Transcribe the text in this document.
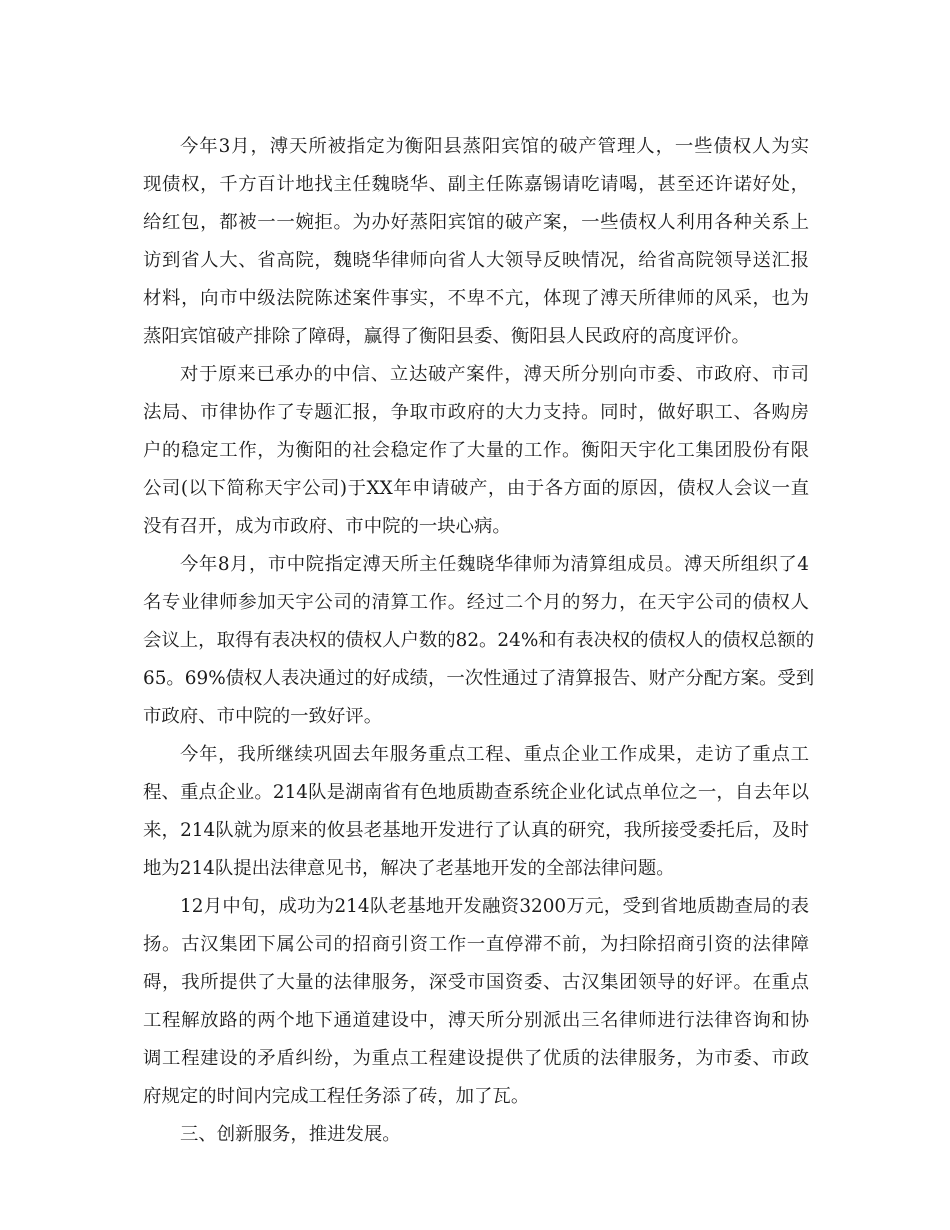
今年3月，溥天所被指定为衡阳县蒸阳宾馆的破产管理人，一些债权人为实
现债权，千方百计地找主任魏晓华、副主任陈嘉锡请吃请喝，甚至还许诺好处，
给红包，都被一一婉拒。为办好蒸阳宾馆的破产案，一些债权人利用各种关系上
访到省人大、省高院，魏晓华律师向省人大领导反映情况，给省高院领导送汇报
材料，向市中级法院陈述案件事实，不卑不亢，体现了溥天所律师的风采，也为
蒸阳宾馆破产排除了障碍，赢得了衡阳县委、衡阳县人民政府的高度评价。
对于原来已承办的中信、立达破产案件，溥天所分别向市委、市政府、市司
法局、市律协作了专题汇报，争取市政府的大力支持。同时，做好职工、各购房
户的稳定工作，为衡阳的社会稳定作了大量的工作。衡阳天宇化工集团股份有限
公司(以下简称天宇公司)于XX年申请破产，由于各方面的原因，债权人会议一直
没有召开，成为市政府、市中院的一块心病。
今年8月，市中院指定溥天所主任魏晓华律师为清算组成员。溥天所组织了4
名专业律师参加天宇公司的清算工作。经过二个月的努力，在天宇公司的债权人
会议上，取得有表决权的债权人户数的82。24%和有表决权的债权人的债权总额的
65。69%债权人表决通过的好成绩，一次性通过了清算报告、财产分配方案。受到
市政府、市中院的一致好评。
今年，我所继续巩固去年服务重点工程、重点企业工作成果，走访了重点工
程、重点企业。214队是湖南省有色地质勘查系统企业化试点单位之一，自去年以
来，214队就为原来的攸县老基地开发进行了认真的研究，我所接受委托后，及时
地为214队提出法律意见书，解决了老基地开发的全部法律问题。
12月中旬，成功为214队老基地开发融资3200万元，受到省地质勘查局的表
扬。古汉集团下属公司的招商引资工作一直停滞不前，为扫除招商引资的法律障
碍，我所提供了大量的法律服务，深受市国资委、古汉集团领导的好评。在重点
工程解放路的两个地下通道建设中，溥天所分别派出三名律师进行法律咨询和协
调工程建设的矛盾纠纷，为重点工程建设提供了优质的法律服务，为市委、市政
府规定的时间内完成工程任务添了砖，加了瓦。
三、创新服务，推进发展。
